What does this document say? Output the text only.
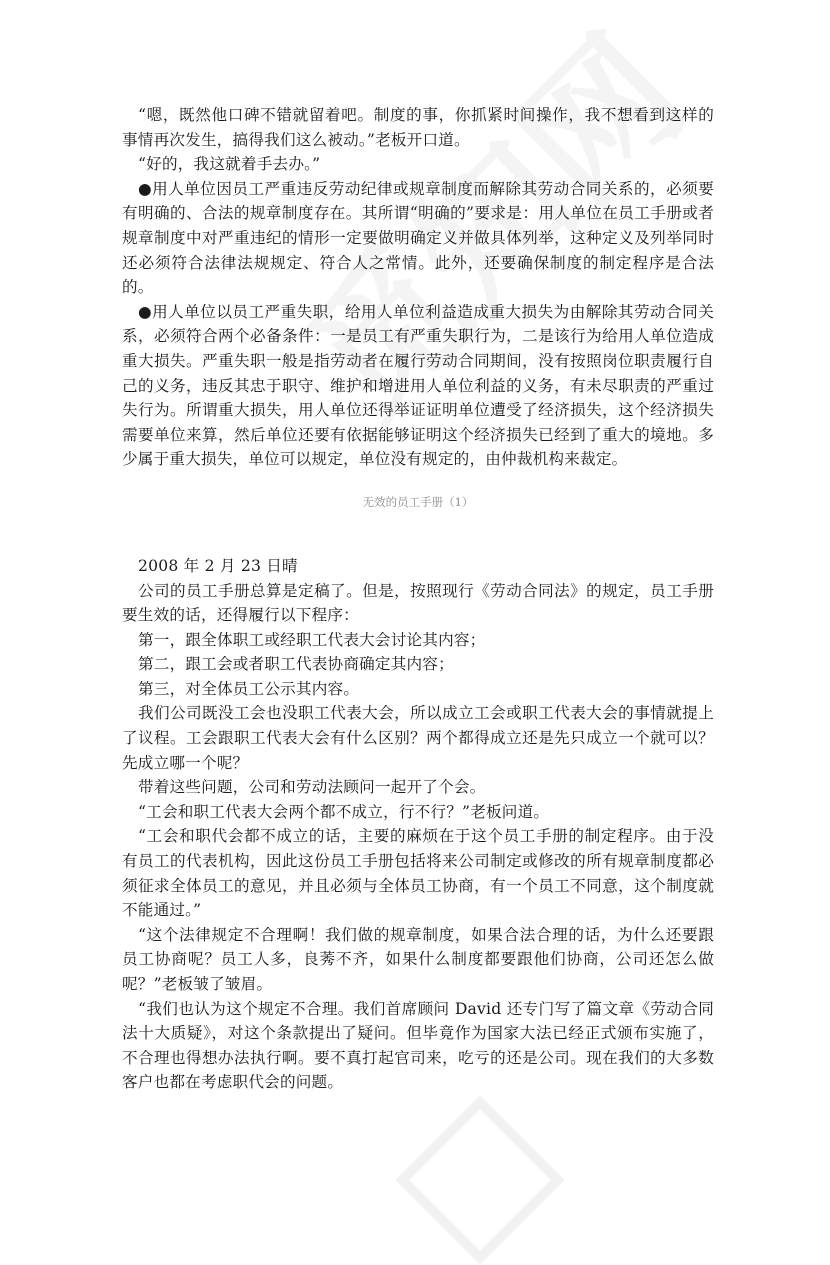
“嗯，既然他口碑不错就留着吧。制度的事，你抓紧时间操作，我不想看到这样的事情再次发生，搞得我们这么被动。”老板开口道。

“好的，我这就着手去办。”

●用人单位因员工严重违反劳动纪律或规章制度而解除其劳动合同关系的，必须要有明确的、合法的规章制度存在。其所谓“明确的”要求是：用人单位在员工手册或者规章制度中对严重违纪的情形一定要做明确定义并做具体列举，这种定义及列举同时还必须符合法律法规规定、符合人之常情。此外，还要确保制度的制定程序是合法的。

●用人单位以员工严重失职，给用人单位利益造成重大损失为由解除其劳动合同关系，必须符合两个必备条件：一是员工有严重失职行为，二是该行为给用人单位造成重大损失。严重失职一般是指劳动者在履行劳动合同期间，没有按照岗位职责履行自己的义务，违反其忠于职守、维护和增进用人单位利益的义务，有未尽职责的严重过失行为。所谓重大损失，用人单位还得举证证明单位遭受了经济损失，这个经济损失需要单位来算，然后单位还要有依据能够证明这个经济损失已经到了重大的境地。多少属于重大损失，单位可以规定，单位没有规定的，由仲裁机构来裁定。

无效的员工手册（1）

2008 年 2 月 23 日晴

公司的员工手册总算是定稿了。但是，按照现行《劳动合同法》的规定，员工手册要生效的话，还得履行以下程序：

第一，跟全体职工或经职工代表大会讨论其内容；

第二，跟工会或者职工代表协商确定其内容；

第三，对全体员工公示其内容。

我们公司既没工会也没职工代表大会，所以成立工会或职工代表大会的事情就提上了议程。工会跟职工代表大会有什么区别？两个都得成立还是先只成立一个就可以？先成立哪一个呢？

带着这些问题，公司和劳动法顾问一起开了个会。

“工会和职工代表大会两个都不成立，行不行？”老板问道。

“工会和职代会都不成立的话，主要的麻烦在于这个员工手册的制定程序。由于没有员工的代表机构，因此这份员工手册包括将来公司制定或修改的所有规章制度都必须征求全体员工的意见，并且必须与全体员工协商，有一个员工不同意，这个制度就不能通过。”

“这个法律规定不合理啊！我们做的规章制度，如果合法合理的话，为什么还要跟员工协商呢？员工人多，良莠不齐，如果什么制度都要跟他们协商，公司还怎么做呢？”老板皱了皱眉。

“我们也认为这个规定不合理。我们首席顾问 David 还专门写了篇文章《劳动合同法十大质疑》，对这个条款提出了疑问。但毕竟作为国家大法已经正式颁布实施了，不合理也得想办法执行啊。要不真打起官司来，吃亏的还是公司。现在我们的大多数客户也都在考虑职代会的问题。
